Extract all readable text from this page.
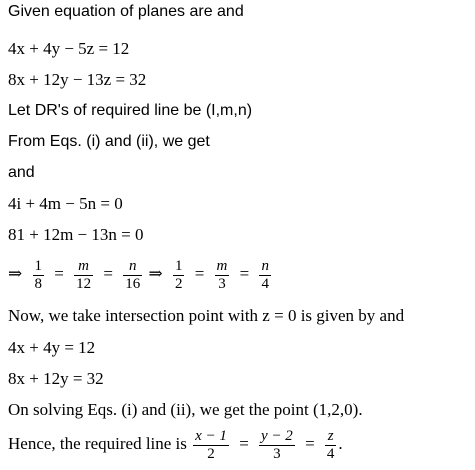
Given equation of planes are and
4x + 4y − 5z = 12
8x + 12y − 13z = 32
Let DR's of required line be (I,m,n)
From Eqs. (i) and (ii), we get
and
4i + 4m − 5n = 0
81 + 12m − 13n = 0
⇒ $\frac{1}{8} = \frac{m}{12} = \frac{n}{16}$ ⇒ $\frac{1}{2} = \frac{m}{3} = \frac{n}{4}$
Now, we take intersection point with z = 0 is given by and
4x + 4y = 12
8x + 12y = 32
On solving Eqs. (i) and (ii), we get the point (1,2,0).
Hence, the required line is $\frac{x - 1}{2} = \frac{y - 2}{3} = \frac{z}{4}$ .
